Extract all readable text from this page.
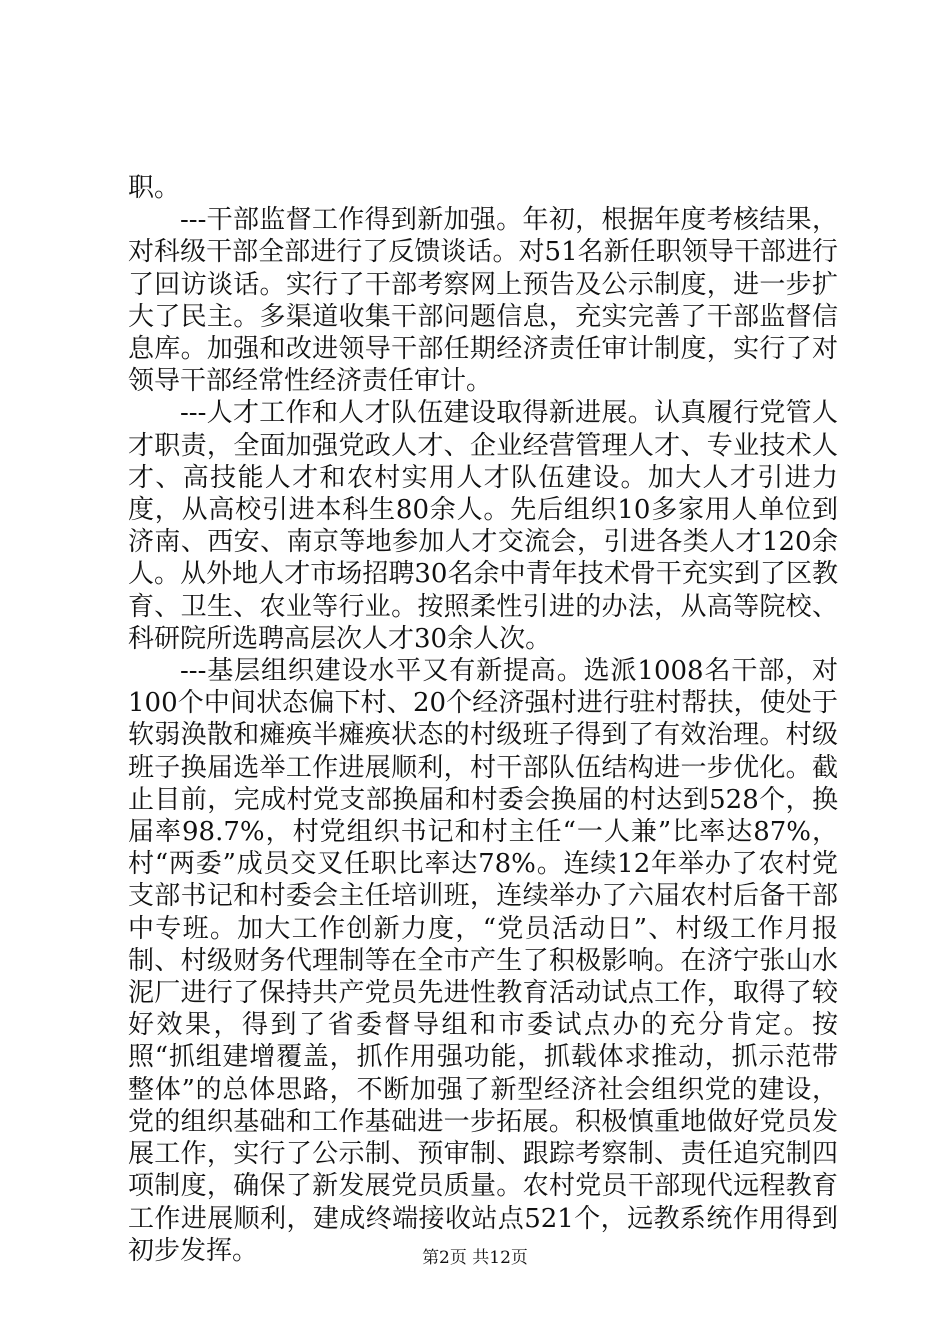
职。

---干部监督工作得到新加强。年初，根据年度考核结果，对科级干部全部进行了反馈谈话。对51名新任职领导干部进行了回访谈话。实行了干部考察网上预告及公示制度，进一步扩大了民主。多渠道收集干部问题信息，充实完善了干部监督信息库。加强和改进领导干部任期经济责任审计制度，实行了对领导干部经常性经济责任审计。

---人才工作和人才队伍建设取得新进展。认真履行党管人才职责，全面加强党政人才、企业经营管理人才、专业技术人才、高技能人才和农村实用人才队伍建设。加大人才引进力度，从高校引进本科生80余人。先后组织10多家用人单位到济南、西安、南京等地参加人才交流会，引进各类人才120余人。从外地人才市场招聘30名余中青年技术骨干充实到了区教育、卫生、农业等行业。按照柔性引进的办法，从高等院校、科研院所选聘高层次人才30余人次。

---基层组织建设水平又有新提高。选派1008名干部，对100个中间状态偏下村、20个经济强村进行驻村帮扶，使处于软弱涣散和瘫痪半瘫痪状态的村级班子得到了有效治理。村级班子换届选举工作进展顺利，村干部队伍结构进一步优化。截止目前，完成村党支部换届和村委会换届的村达到528个，换届率98.7%，村党组织书记和村主任“一人兼”比率达87%，村“两委”成员交叉任职比率达78%。连续12年举办了农村党支部书记和村委会主任培训班，连续举办了六届农村后备干部中专班。加大工作创新力度，“党员活动日”、村级工作月报制、村级财务代理制等在全市产生了积极影响。在济宁张山水泥厂进行了保持共产党员先进性教育活动试点工作，取得了较好效果，得到了省委督导组和市委试点办的充分肯定。按照“抓组建增覆盖，抓作用强功能，抓载体求推动，抓示范带整体”的总体思路，不断加强了新型经济社会组织党的建设，党的组织基础和工作基础进一步拓展。积极慎重地做好党员发展工作，实行了公示制、预审制、跟踪考察制、责任追究制四项制度，确保了新发展党员质量。农村党员干部现代远程教育工作进展顺利，建成终端接收站点521个，远教系统作用得到初步发挥。	第2页 共12页
